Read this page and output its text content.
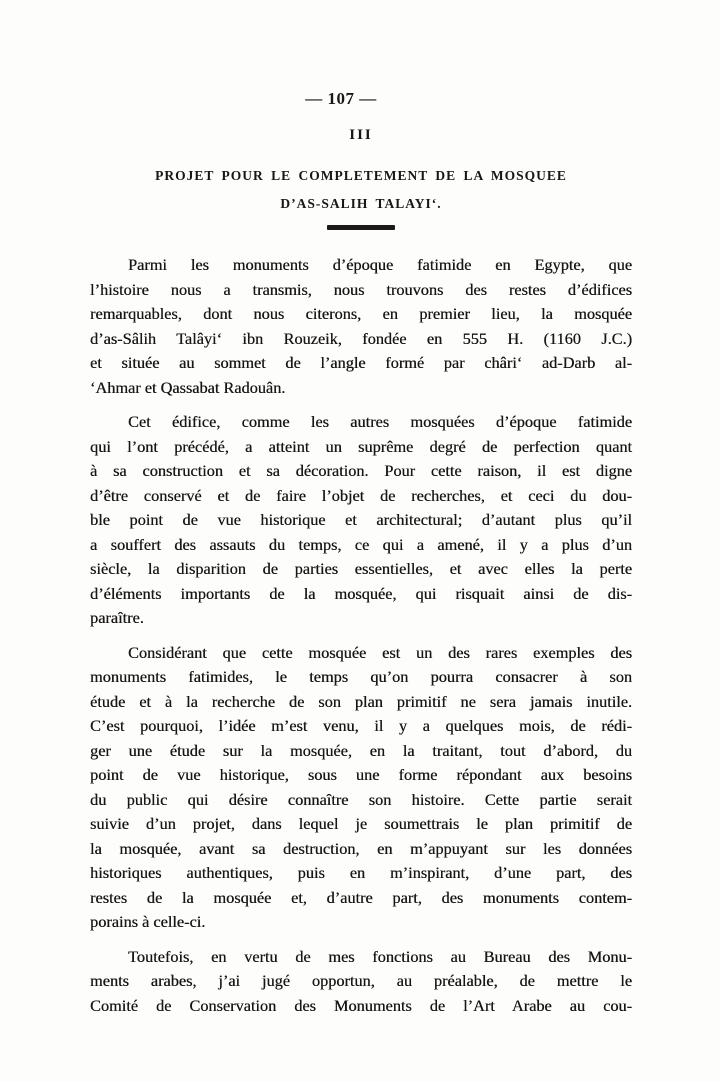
— 107 —
III
PROJET POUR LE COMPLETEMENT DE LA MOSQUEE
D’AS-SALIH TALAYI‘.
Parmi les monuments d’époque fatimide en Egypte, que
l’histoire nous a transmis, nous trouvons des restes d’édifices
remarquables, dont nous citerons, en premier lieu, la mosquée
d’as-Sâlih Talâyi‘ ibn Rouzeik, fondée en 555 H. (1160 J.C.)
et située au sommet de l’angle formé par châri‘ ad-Darb al-
‘Ahmar et Qassabat Radouân.
Cet édifice, comme les autres mosquées d’époque fatimide
qui l’ont précédé, a atteint un suprême degré de perfection quant
à sa construction et sa décoration. Pour cette raison, il est digne
d’être conservé et de faire l’objet de recherches, et ceci du dou-
ble point de vue historique et architectural; d’autant plus qu’il
a souffert des assauts du temps, ce qui a amené, il y a plus d’un
siècle, la disparition de parties essentielles, et avec elles la perte
d’éléments importants de la mosquée, qui risquait ainsi de dis-
paraître.
Considérant que cette mosquée est un des rares exemples des
monuments fatimides, le temps qu’on pourra consacrer à son
étude et à la recherche de son plan primitif ne sera jamais inutile.
C’est pourquoi, l’idée m’est venu, il y a quelques mois, de rédi-
ger une étude sur la mosquée, en la traitant, tout d’abord, du
point de vue historique, sous une forme répondant aux besoins
du public qui désire connaître son histoire. Cette partie serait
suivie d’un projet, dans lequel je soumettrais le plan primitif de
la mosquée, avant sa destruction, en m’appuyant sur les données
historiques authentiques, puis en m’inspirant, d’une part, des
restes de la mosquée et, d’autre part, des monuments contem-
porains à celle-ci.
Toutefois, en vertu de mes fonctions au Bureau des Monu-
ments arabes, j’ai jugé opportun, au préalable, de mettre le
Comité de Conservation des Monuments de l’Art Arabe au cou-
